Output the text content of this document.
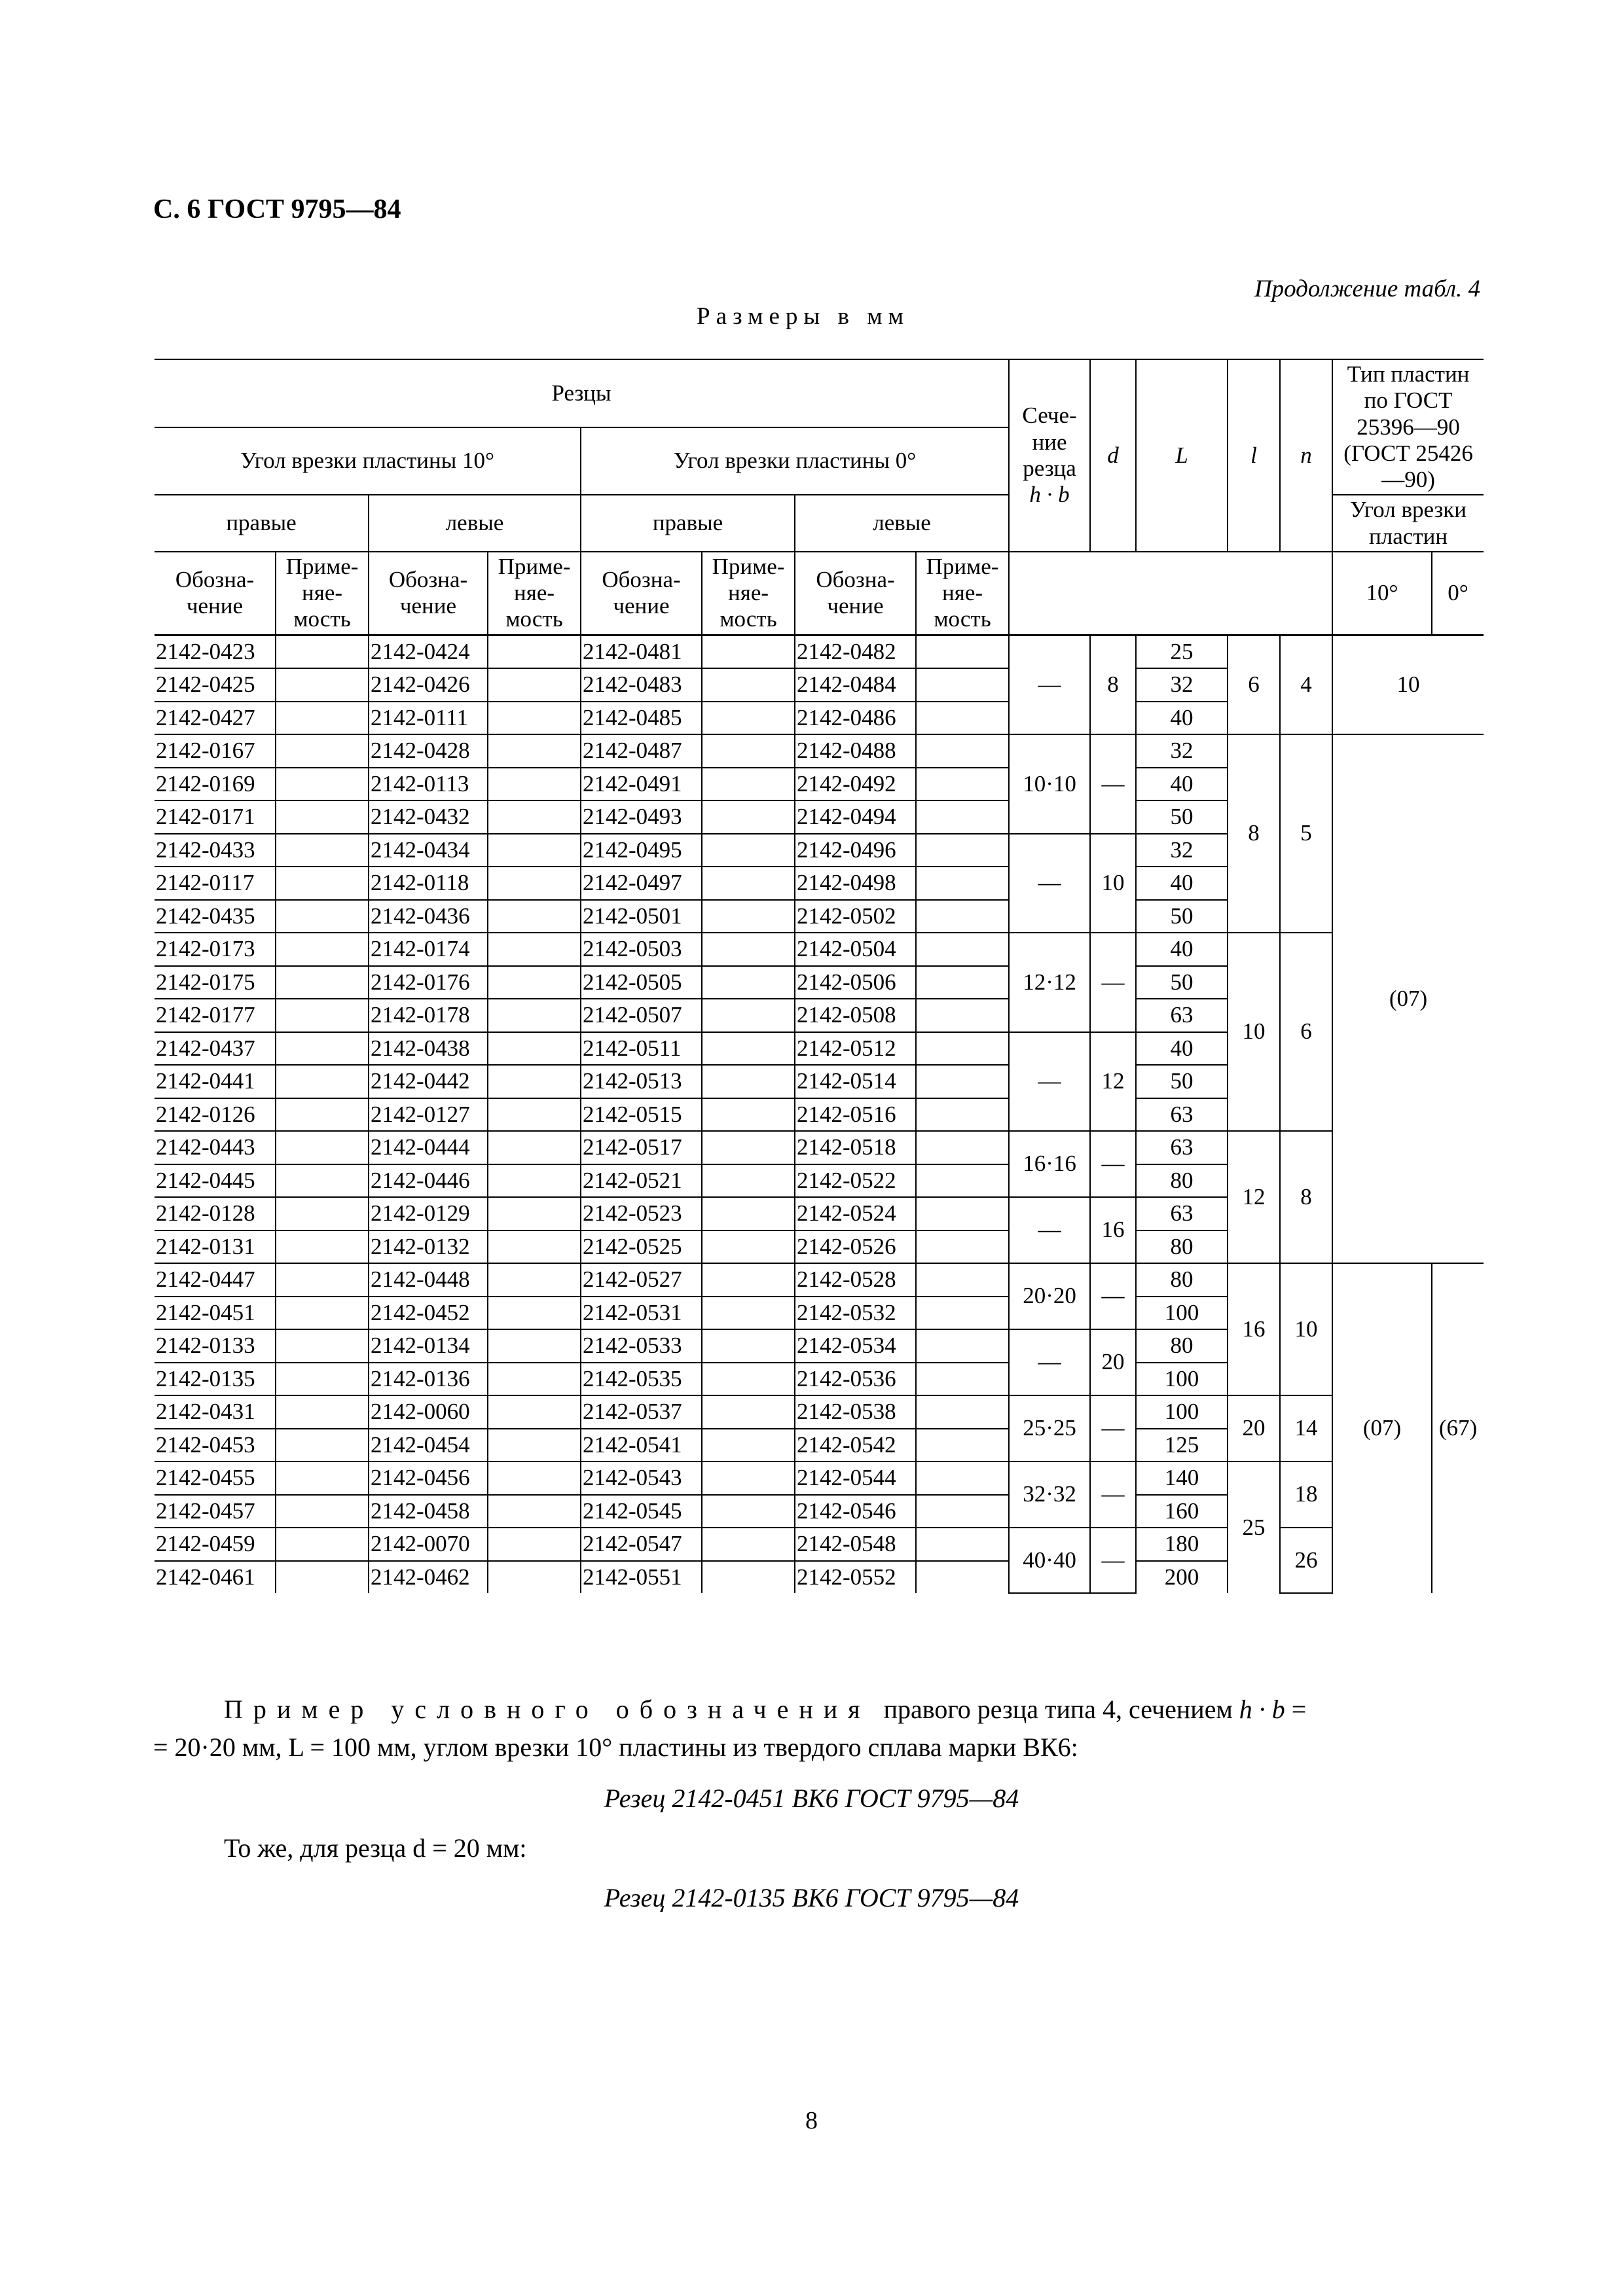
С. 6 ГОСТ 9795—84
Продолжение табл. 4
Размеры в мм
Резцы								Сече-ние резца
h · b	d	L	l	n	Тип пластин по ГОСТ 25396—90 (ГОСТ 25426—90)	
Угол врезки пластины 10°				Угол врезки пластины 0°										
правые		левые		правые		левые							Угол врезки пластин	
Обозна-чение	Приме-няе-мость	Обозна-чение	Приме-няе-мость	Обозна-чение	Приме-няе-мость	Обозна-чение	Приме-няе-мость						10°	0°
2142-0423		2142-0424		2142-0481		2142-0482		—	8	25	6	4	10	
2142-0425		2142-0426		2142-0483		2142-0484				32				
2142-0427		2142-0111		2142-0485		2142-0486				40				
2142-0167		2142-0428		2142-0487		2142-0488		10·10	—	32	8	5	(07)	
2142-0169		2142-0113		2142-0491		2142-0492				40				
2142-0171		2142-0432		2142-0493		2142-0494				50				
2142-0433		2142-0434		2142-0495		2142-0496		—	10	32				
2142-0117		2142-0118		2142-0497		2142-0498				40				
2142-0435		2142-0436		2142-0501		2142-0502				50				
2142-0173		2142-0174		2142-0503		2142-0504		12·12	—	40	10	6		
2142-0175		2142-0176		2142-0505		2142-0506				50				
2142-0177		2142-0178		2142-0507		2142-0508				63				
2142-0437		2142-0438		2142-0511		2142-0512		—	12	40				
2142-0441		2142-0442		2142-0513		2142-0514				50				
2142-0126		2142-0127		2142-0515		2142-0516				63				
2142-0443		2142-0444		2142-0517		2142-0518		16·16	—	63	12	8		
2142-0445		2142-0446		2142-0521		2142-0522				80				
2142-0128		2142-0129		2142-0523		2142-0524		—	16	63				
2142-0131		2142-0132		2142-0525		2142-0526				80				
2142-0447		2142-0448		2142-0527		2142-0528		20·20	—	80	16	10	(07)	(67)
2142-0451		2142-0452		2142-0531		2142-0532				100				
2142-0133		2142-0134		2142-0533		2142-0534		—	20	80				
2142-0135		2142-0136		2142-0535		2142-0536				100				
2142-0431		2142-0060		2142-0537		2142-0538		25·25	—	100	20	14		
2142-0453		2142-0454		2142-0541		2142-0542				125				
2142-0455		2142-0456		2142-0543		2142-0544		32·32	—	140	25	18		
2142-0457		2142-0458		2142-0545		2142-0546				160				
2142-0459		2142-0070		2142-0547		2142-0548		40·40	—	180		26		
2142-0461		2142-0462		2142-0551		2142-0552				200				
Пример условного обозначения правого резца типа 4, сечением h · b =
= 20·20 мм, L = 100 мм, углом врезки 10° пластины из твердого сплава марки ВК6:
Резец 2142-0451 ВК6 ГОСТ 9795—84
То же, для резца d = 20 мм:
Резец 2142-0135 ВК6 ГОСТ 9795—84
8
